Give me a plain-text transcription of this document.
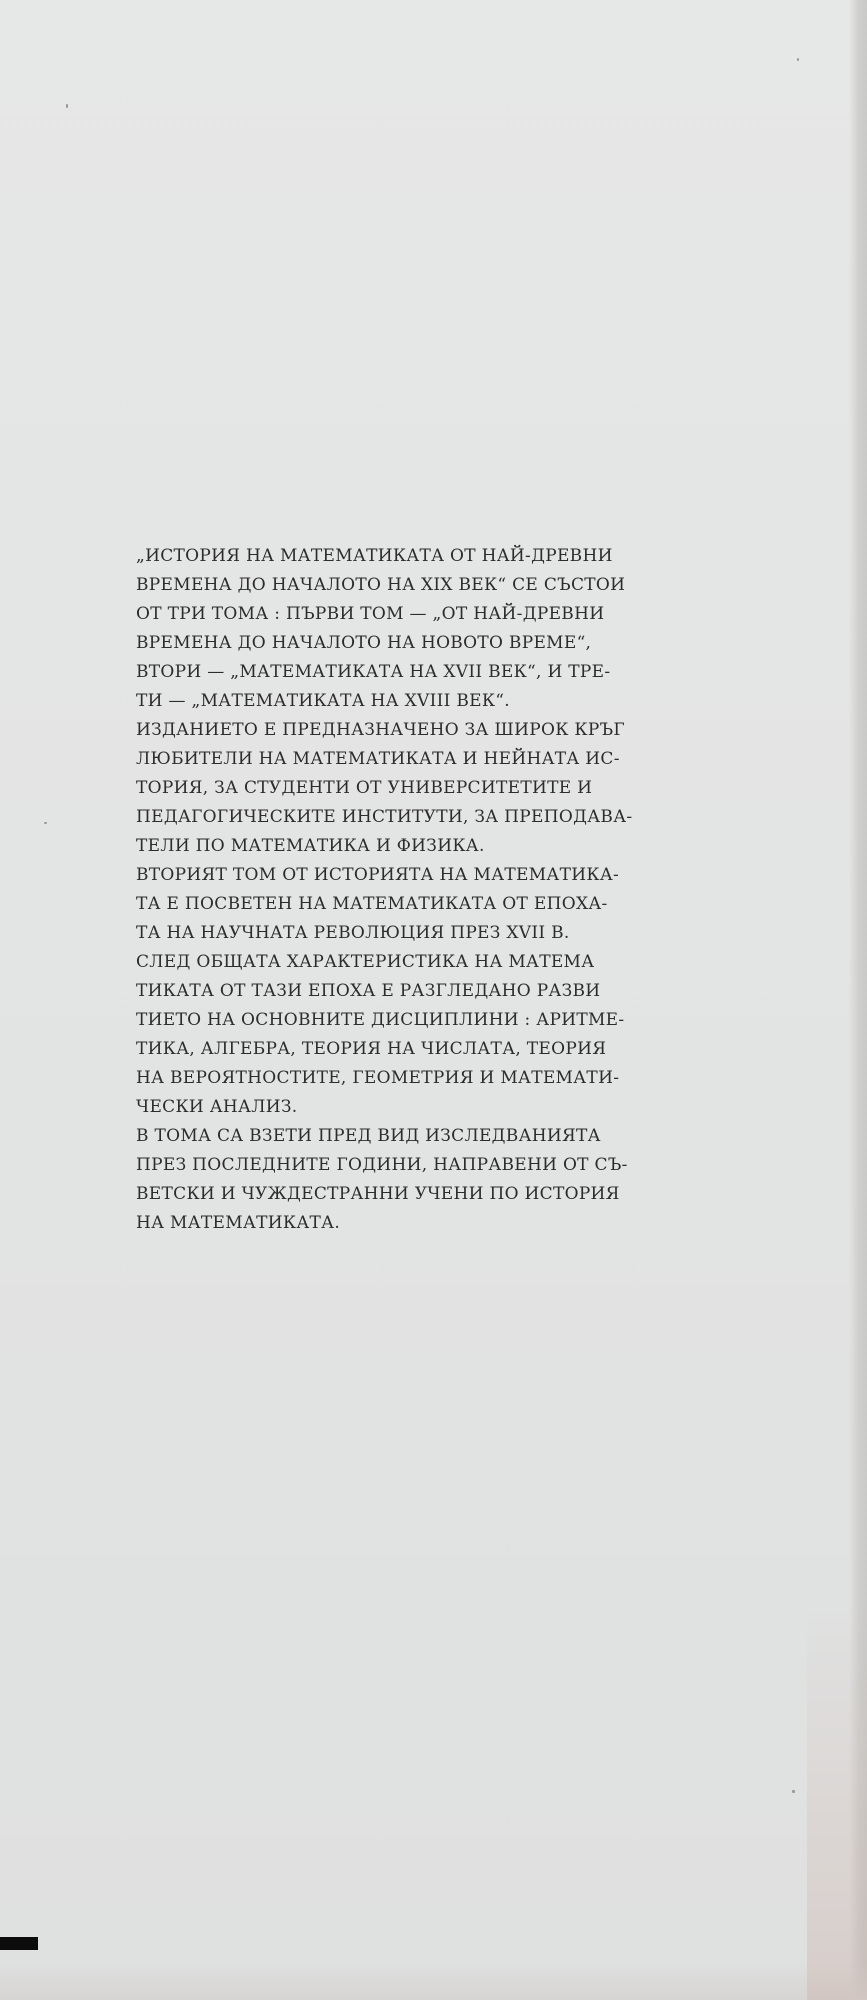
„ИСТОРИЯ НА МАТЕМАТИКАТА ОТ НАЙ-ДРЕВНИ
ВРЕМЕНА ДО НАЧАЛОТО НА XIX ВЕК“ СЕ СЪСТОИ
ОТ ТРИ ТОМА : ПЪРВИ ТОМ — „ОТ НАЙ-ДРЕВНИ
ВРЕМЕНА ДО НАЧАЛОТО НА НОВОТО ВРЕМЕ“,
ВТОРИ — „МАТЕМАТИКАТА НА XVII ВЕК“, И ТРЕ-
ТИ — „МАТЕМАТИКАТА НА XVIII ВЕК“.
ИЗДАНИЕТО Е ПРЕДНАЗНАЧЕНО ЗА ШИРОК КРЪГ
ЛЮБИТЕЛИ НА МАТЕМАТИКАТА И НЕЙНАТА ИС-
ТОРИЯ, ЗА СТУДЕНТИ ОТ УНИВЕРСИТЕТИТЕ И
ПЕДАГОГИЧЕСКИТЕ ИНСТИТУТИ, ЗА ПРЕПОДАВА-
ТЕЛИ ПО МАТЕМАТИКА И ФИЗИКА.
ВТОРИЯТ ТОМ ОТ ИСТОРИЯТА НА МАТЕМАТИКА-
ТА Е ПОСВЕТЕН НА МАТЕМАТИКАТА ОТ ЕПОХА-
ТА НА НАУЧНАТА РЕВОЛЮЦИЯ ПРЕЗ XVII В.
СЛЕД ОБЩАТА ХАРАКТЕРИСТИКА НА МАТЕМА
ТИКАТА ОТ ТАЗИ ЕПОХА Е РАЗГЛЕДАНО РАЗВИ
ТИЕТО НА ОСНОВНИТЕ ДИСЦИПЛИНИ : АРИТМЕ-
ТИКА, АЛГЕБРА, ТЕОРИЯ НА ЧИСЛАТА, ТЕОРИЯ
НА ВЕРОЯТНОСТИТЕ, ГЕОМЕТРИЯ И МАТЕМАТИ-
ЧЕСКИ АНАЛИЗ.
В ТОМА СА ВЗЕТИ ПРЕД ВИД ИЗСЛЕДВАНИЯТА
ПРЕЗ ПОСЛЕДНИТЕ ГОДИНИ, НАПРАВЕНИ ОТ СЪ-
ВЕТСКИ И ЧУЖДЕСТРАННИ УЧЕНИ ПО ИСТОРИЯ
НА МАТЕМАТИКАТА.
